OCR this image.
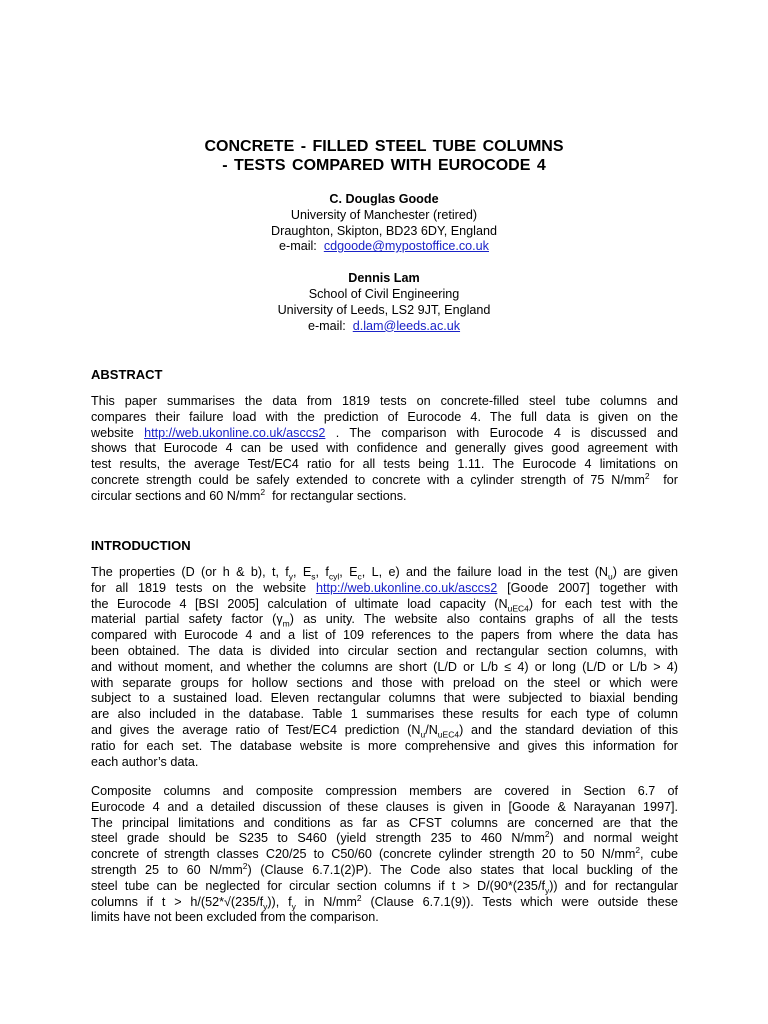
CONCRETE - FILLED STEEL TUBE COLUMNS
- TESTS COMPARED WITH EUROCODE 4
C. Douglas Goode
University of Manchester (retired)
Draughton, Skipton, BD23 6DY, England
e-mail: cdgoode@mypostoffice.co.uk
Dennis Lam
School of Civil Engineering
University of Leeds, LS2 9JT, England
e-mail: d.lam@leeds.ac.uk
ABSTRACT
This paper summarises the data from 1819 tests on concrete-filled steel tube columns and
compares their failure load with the prediction of Eurocode 4. The full data is given on the
website http://web.ukonline.co.uk/asccs2 . The comparison with Eurocode 4 is discussed and
shows that Eurocode 4 can be used with confidence and generally gives good agreement with
test results, the average Test/EC4 ratio for all tests being 1.11. The Eurocode 4 limitations on
concrete strength could be safely extended to concrete with a cylinder strength of 75 $N/mm^2$ for
circular sections and 60 $N/mm^2$ for rectangular sections.
INTRODUCTION
The properties (D (or h & b), t, $f_y$, $E_s$, $f_{cyl}$, $E_c$, L, e) and the failure load in the test $(N_u)$ are given
for all 1819 tests on the website http://web.ukonline.co.uk/asccs2 [Goode 2007] together with
the Eurocode 4 [BSI 2005] calculation of ultimate load capacity $(N_{uEC4})$ for each test with the
material partial safety factor $(\gamma_m)$ as unity. The website also contains graphs of all the tests
compared with Eurocode 4 and a list of 109 references to the papers from where the data has
been obtained. The data is divided into circular section and rectangular section columns, with
and without moment, and whether the columns are short (L/D or L/b ≤ 4) or long (L/D or L/b > 4)
with separate groups for hollow sections and those with preload on the steel or which were
subject to a sustained load. Eleven rectangular columns that were subjected to biaxial bending
are also included in the database. Table 1 summarises these results for each type of column
and gives the average ratio of Test/EC4 prediction $(N_u/N_{uEC4})$ and the standard deviation of this
ratio for each set. The database website is more comprehensive and gives this information for
each author’s data.
Composite columns and composite compression members are covered in Section 6.7 of
Eurocode 4 and a detailed discussion of these clauses is given in [Goode & Narayanan 1997].
The principal limitations and conditions as far as CFST columns are concerned are that the
steel grade should be S235 to S460 (yield strength 235 to 460 $N/mm^2$) and normal weight
concrete of strength classes C20/25 to C50/60 (concrete cylinder strength 20 to 50 $N/mm^2$, cube
strength 25 to 60 $N/mm^2$) (Clause 6.7.1(2)P). The Code also states that local buckling of the
steel tube can be neglected for circular section columns if $t > D/(90*(235/f_y))$ and for rectangular
columns if $t > h/(52*√(235/f_y))$, $f_y$ in $N/mm^2$ (Clause 6.7.1(9)). Tests which were outside these
limits have not been excluded from the comparison.
